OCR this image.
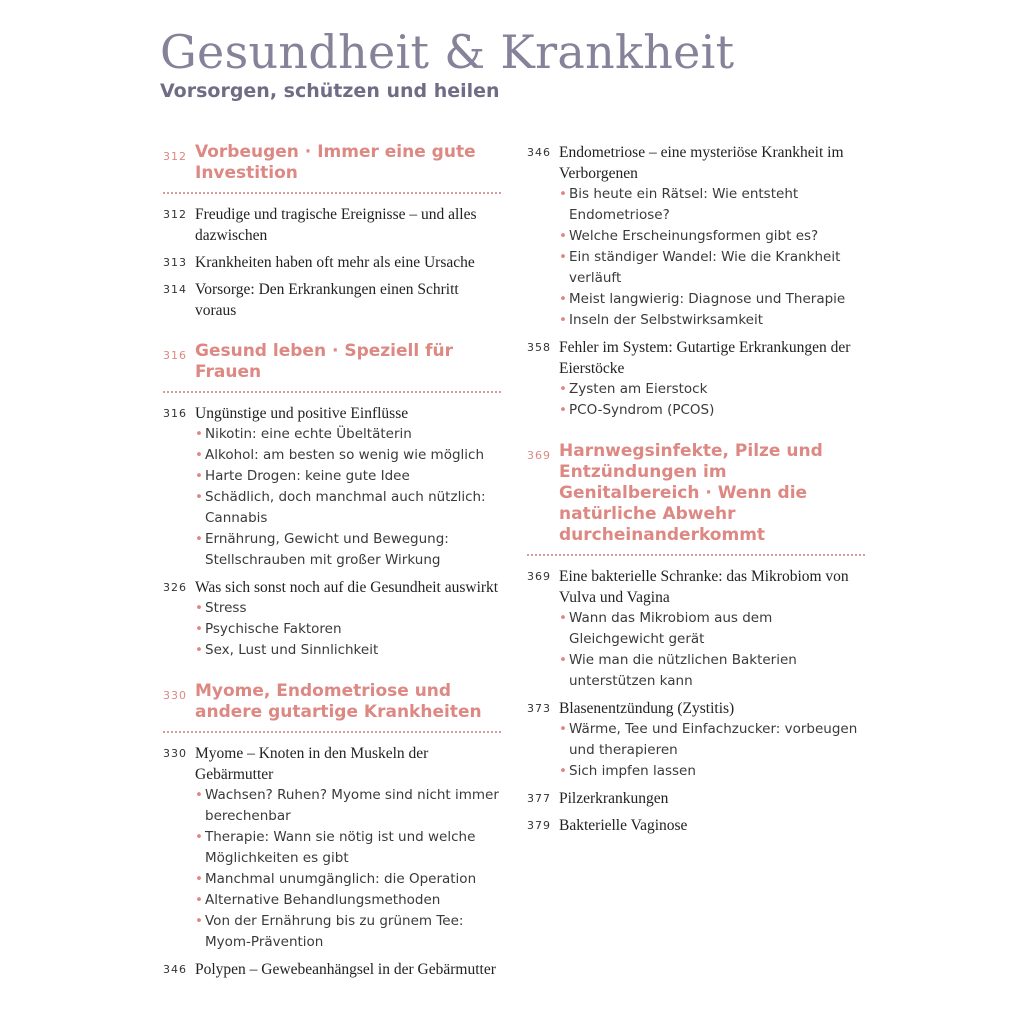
Gesundheit & Krankheit
Vorsorgen, schützen und heilen
312 Vorbeugen · Immer eine gute Investition
312 Freudige und tragische Ereignisse – und alles dazwischen
313 Krankheiten haben oft mehr als eine Ursache
314 Vorsorge: Den Erkrankungen einen Schritt voraus
316 Gesund leben · Speziell für Frauen
316 Ungünstige und positive Einflüsse
• Nikotin: eine echte Übeltäterin
• Alkohol: am besten so wenig wie möglich
• Harte Drogen: keine gute Idee
• Schädlich, doch manchmal auch nützlich: Cannabis
• Ernährung, Gewicht und Bewegung: Stellschrauben mit großer Wirkung
326 Was sich sonst noch auf die Gesundheit auswirkt
• Stress
• Psychische Faktoren
• Sex, Lust und Sinnlichkeit
330 Myome, Endometriose und andere gutartige Krankheiten
330 Myome – Knoten in den Muskeln der Gebärmutter
• Wachsen? Ruhen? Myome sind nicht immer berechenbar
• Therapie: Wann sie nötig ist und welche Möglichkeiten es gibt
• Manchmal unumgänglich: die Operation
• Alternative Behandlungsmethoden
• Von der Ernährung bis zu grünem Tee: Myom-Prävention
346 Polypen – Gewebeanhängsel in der Gebärmutter
346 Endometriose – eine mysteriöse Krankheit im Verborgenen
• Bis heute ein Rätsel: Wie entsteht Endometriose?
• Welche Erscheinungsformen gibt es?
• Ein ständiger Wandel: Wie die Krankheit verläuft
• Meist langwierig: Diagnose und Therapie
• Inseln der Selbstwirksamkeit
358 Fehler im System: Gutartige Erkrankungen der Eierstöcke
• Zysten am Eierstock
• PCO-Syndrom (PCOS)
369 Harnwegsinfekte, Pilze und Entzündungen im Genitalbereich · Wenn die natürliche Abwehr durcheinanderkommt
369 Eine bakterielle Schranke: das Mikrobiom von Vulva und Vagina
• Wann das Mikrobiom aus dem Gleichgewicht gerät
• Wie man die nützlichen Bakterien unterstützen kann
373 Blasenentzündung (Zystitis)
• Wärme, Tee und Einfachzucker: vorbeugen und therapieren
• Sich impfen lassen
377 Pilzerkrankungen
379 Bakterielle Vaginose
